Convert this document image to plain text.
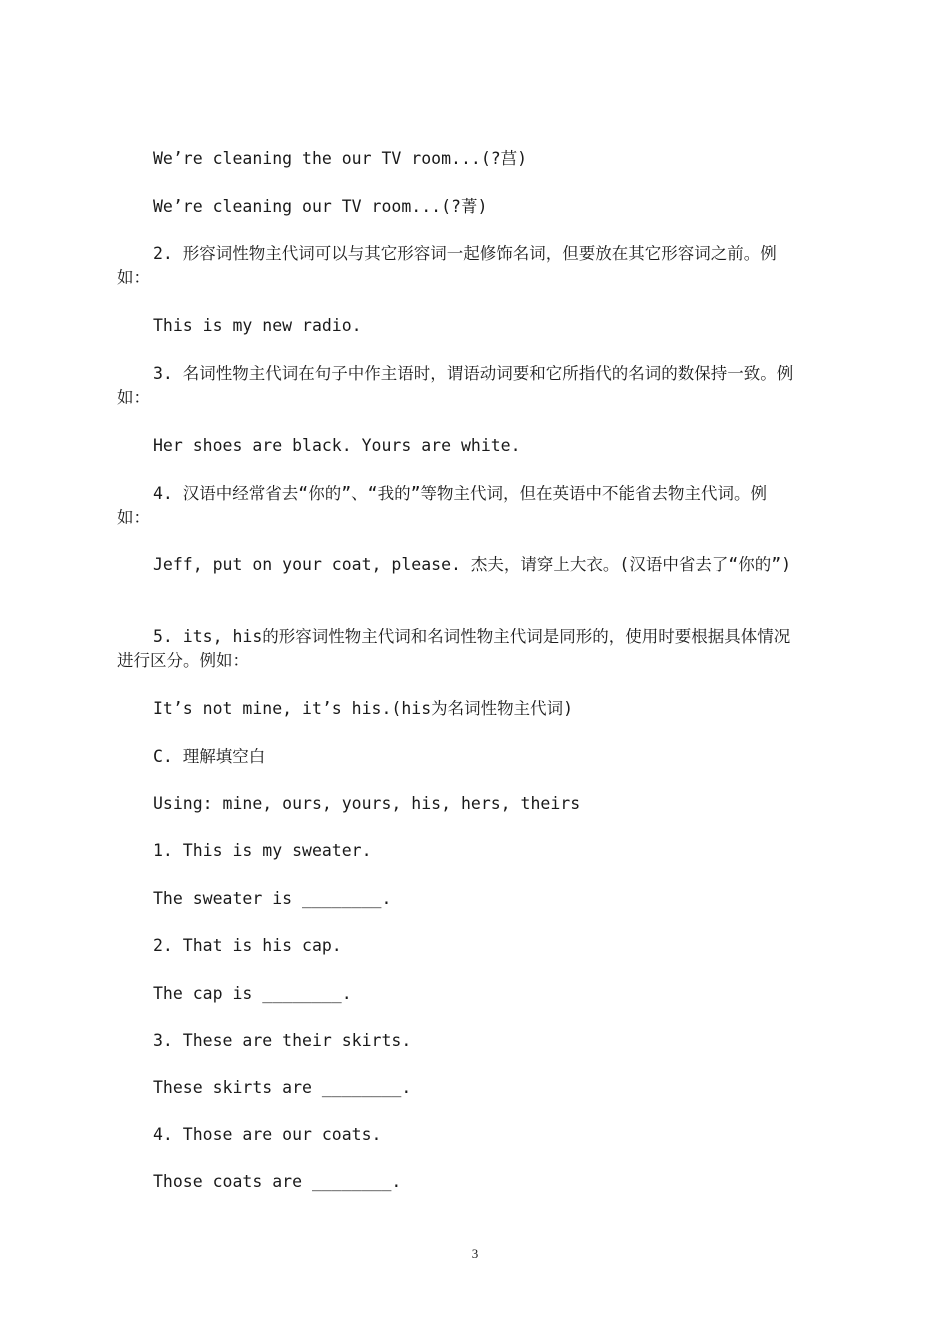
We’re cleaning the our TV room...(?莒)

We’re cleaning our TV room...(?菁)

2. 形容词性物主代词可以与其它形容词一起修饰名词，但要放在其它形容词之前。例如：

This is my new radio.

3. 名词性物主代词在句子中作主语时，谓语动词要和它所指代的名词的数保持一致。例如：

Her shoes are black. Yours are white.

4. 汉语中经常省去“你的”、“我的”等物主代词，但在英语中不能省去物主代词。例如：

Jeff, put on your coat, please. 杰夫，请穿上大衣。(汉语中省去了“你的”)

5. its, his的形容词性物主代词和名词性物主代词是同形的，使用时要根据具体情况进行区分。例如：

It’s not mine, it’s his.(his为名词性物主代词)

C. 理解填空白

Using: mine, ours, yours, his, hers, theirs

1. This is my sweater.

The sweater is ________.

2. That is his cap.

The cap is ________.

3. These are their skirts.

These skirts are ________.

4. Those are our coats.

Those coats are ________.

3
